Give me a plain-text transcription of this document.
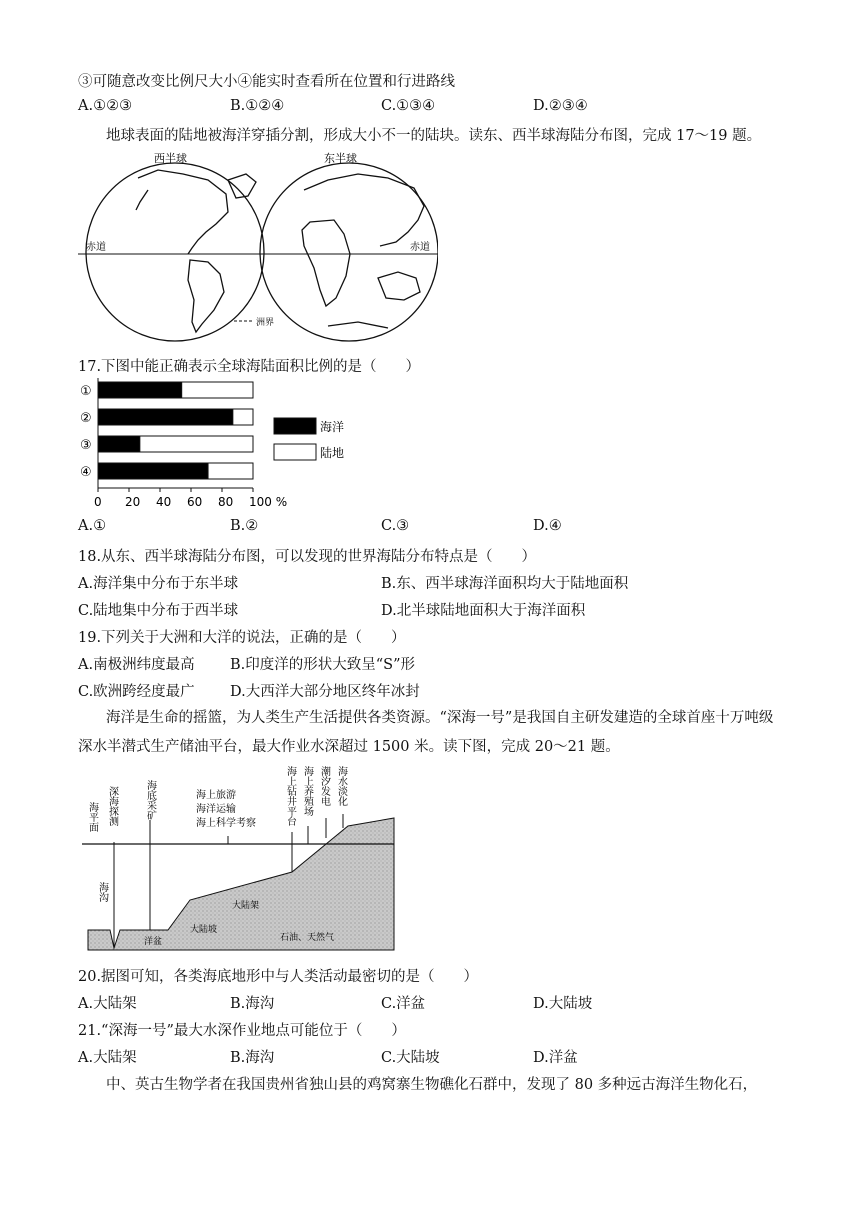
③可随意改变比例尺大小④能实时查看所在位置和行进路线
A.①②③	B.①②④	C.①③④	D.②③④
地球表面的陆地被海洋穿插分割，形成大小不一的陆块。读东、西半球海陆分布图，完成 17～19 题。
西半球	东半球
赤道	赤道
洲界
17.下图中能正确表示全球海陆面积比例的是（　　）
①
②
③
④
0 20 40 60 80 100 %
海洋
陆地
A.①	B.②	C.③	D.④
18.从东、西半球海陆分布图，可以发现的世界海陆分布特点是（　　）
A.海洋集中分布于东半球	B.东、西半球海洋面积均大于陆地面积
C.陆地集中分布于西半球	D.北半球陆地面积大于海洋面积
19.下列关于大洲和大洋的说法，正确的是（　　）
A.南极洲纬度最高 B.印度洋的形状大致呈“S”形
C.欧洲跨经度最广 D.大西洋大部分地区终年冰封
海洋是生命的摇篮，为人类生产生活提供各类资源。“深海一号”是我国自主研发建造的全球首座十万吨级深水半潜式生产储油平台，最大作业水深超过 1500 米。读下图，完成 20～21 题。
海平面 深海探测	海底采矿	海上旅游
海洋运输
海上科学考察	海上钻井平台 海上养殖场 潮汐发电 海水淡化
海沟
大陆架
大陆坡
洋盆	石油、天然气
20.据图可知，各类海底地形中与人类活动最密切的是（　　）
A.大陆架	B.海沟	C.洋盆	D.大陆坡
21.“深海一号”最大水深作业地点可能位于（　　）
A.大陆架	B.海沟	C.大陆坡	D.洋盆
中、英古生物学者在我国贵州省独山县的鸡窝寨生物礁化石群中，发现了 80 多种远古海洋生物化石，
